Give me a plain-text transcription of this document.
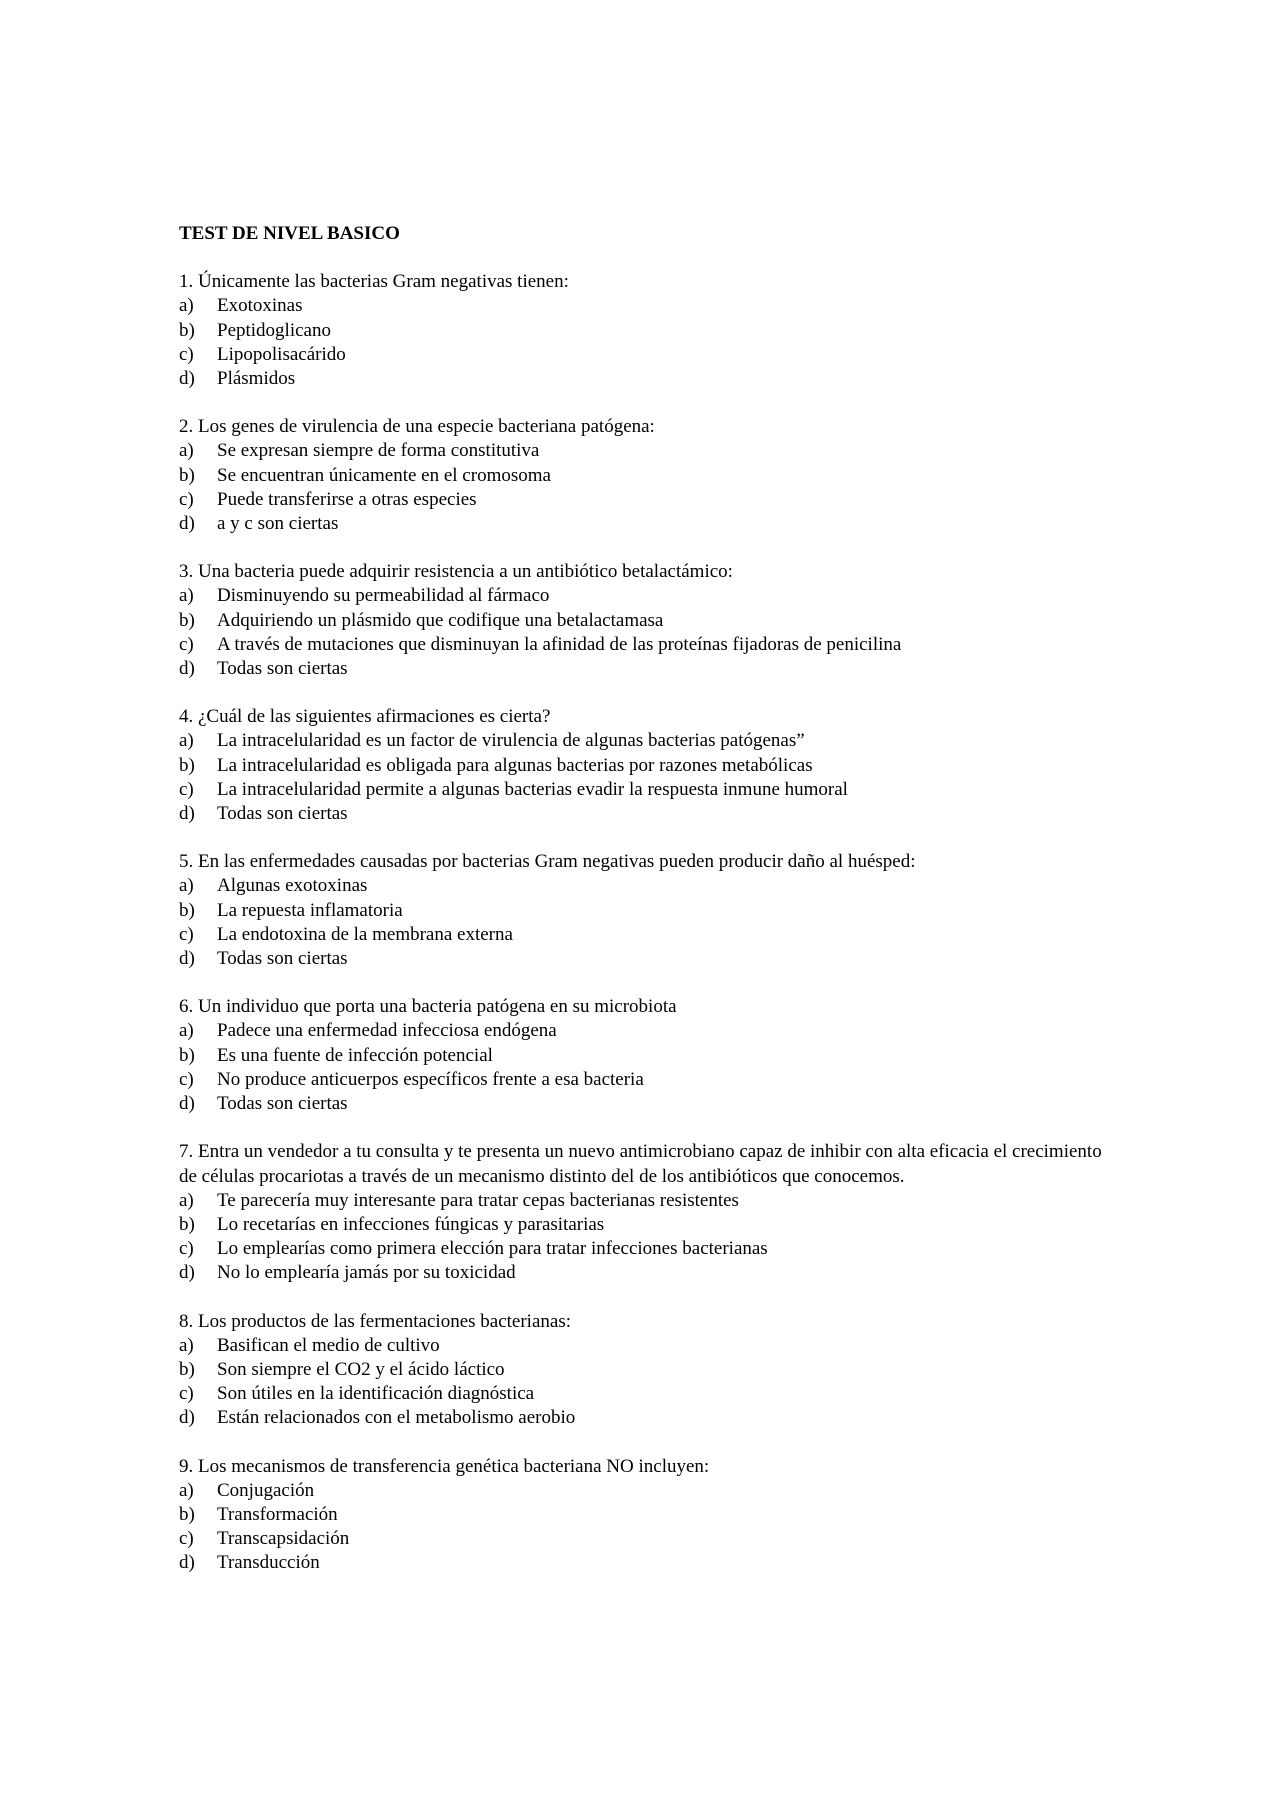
TEST DE NIVEL BASICO

1. Únicamente las bacterias Gram negativas tienen:

a)	Exotoxinas
b)	Peptidoglicano
c)	Lipopolisacárido
d)	Plásmidos

2. Los genes de virulencia de una especie bacteriana patógena:

a)	Se expresan siempre de forma constitutiva
b)	Se encuentran únicamente en el cromosoma
c)	Puede transferirse a otras especies
d)	a y c son ciertas

3. Una bacteria puede adquirir resistencia a un antibiótico betalactámico:

a)	Disminuyendo su permeabilidad al fármaco
b)	Adquiriendo un plásmido que codifique una betalactamasa
c)	A través de mutaciones que disminuyan la afinidad de las proteínas fijadoras de penicilina
d)	Todas son ciertas

4. ¿Cuál de las siguientes afirmaciones es cierta?

a)	La intracelularidad es un factor de virulencia de algunas bacterias patógenas”
b)	La intracelularidad es obligada para algunas bacterias por razones metabólicas
c)	La intracelularidad permite a algunas bacterias evadir la respuesta inmune humoral
d)	Todas son ciertas

5. En las enfermedades causadas por bacterias Gram negativas pueden producir daño al huésped:

a)	Algunas exotoxinas
b)	La repuesta inflamatoria
c)	La endotoxina de la membrana externa
d)	Todas son ciertas

6. Un individuo que porta una bacteria patógena en su microbiota

a)	Padece una enfermedad infecciosa endógena
b)	Es una fuente de infección potencial
c)	No produce anticuerpos específicos frente a esa bacteria
d)	Todas son ciertas

7. Entra un vendedor a tu consulta y te presenta un nuevo antimicrobiano capaz de inhibir con alta eficacia el crecimiento de células procariotas a través de un mecanismo distinto del de los antibióticos que conocemos.

a)	Te parecería muy interesante para tratar cepas bacterianas resistentes
b)	Lo recetarías en infecciones fúngicas y parasitarias
c)	Lo emplearías como primera elección para tratar infecciones bacterianas
d)	No lo emplearía jamás por su toxicidad

8. Los productos de las fermentaciones bacterianas:

a)	Basifican el medio de cultivo
b)	Son siempre el CO2 y el ácido láctico
c)	Son útiles en la identificación diagnóstica
d)	Están relacionados con el metabolismo aerobio

9. Los mecanismos de transferencia genética bacteriana NO incluyen:

a)	Conjugación
b)	Transformación
c)	Transcapsidación
d)	Transducción
